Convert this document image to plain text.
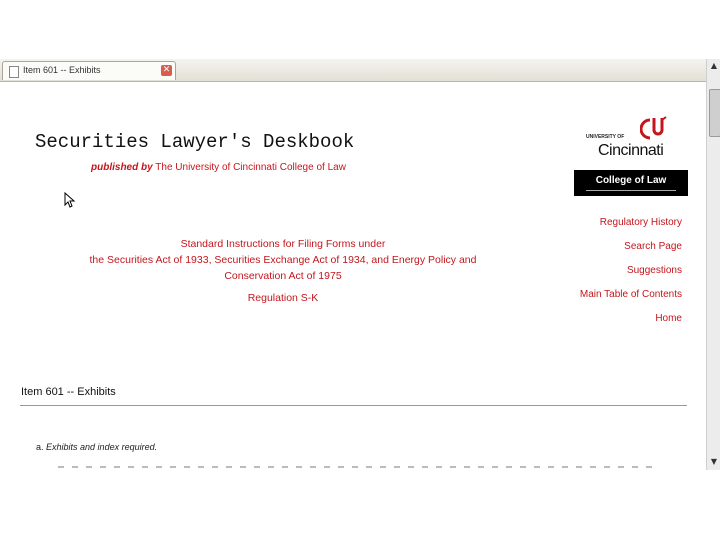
Item 601 -- Exhibits	✕
Securities Lawyer's Deskbook
published by The University of Cincinnati College of Law
UNIVERSITY OF
Cincinnati
College of Law
Regulatory History
Search Page
Suggestions
Main Table of Contents
Home
Standard Instructions for Filing Forms under
the Securities Act of 1933, Securities Exchange Act of 1934, and Energy Policy and
Conservation Act of 1975
Regulation S-K
Item 601 -- Exhibits
a. Exhibits and index required.
▲
▼
